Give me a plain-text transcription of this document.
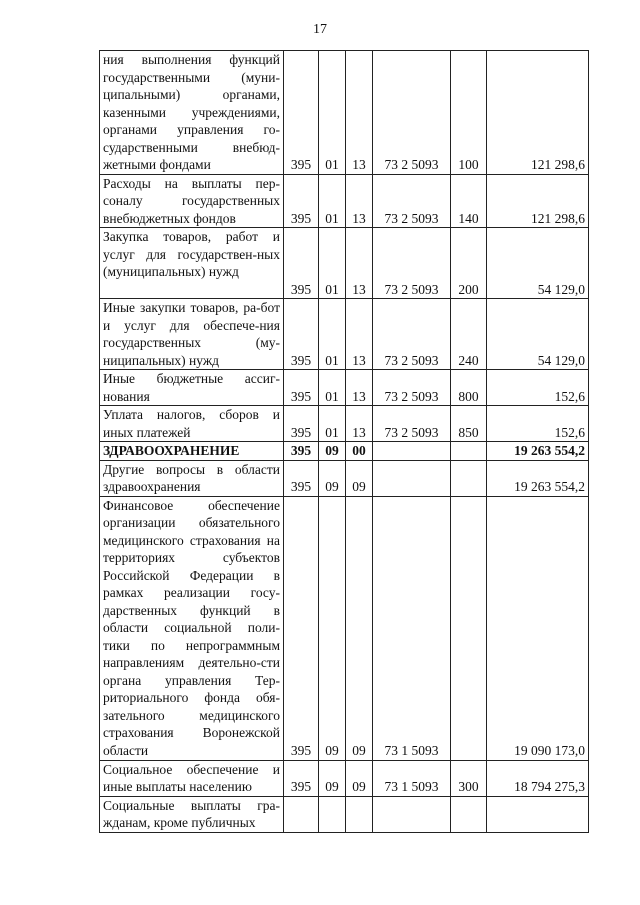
17
ния выполнения функций государственными (муни-ципальными) органами, казенными учреждениями, органами управления го-сударственными внебюд-жетными фондами	395	01	13	73 2 5093	100	121 298,6
Расходы на выплаты пер-соналу государственных внебюджетных фондов	395	01	13	73 2 5093	140	121 298,6
Закупка товаров, работ и услуг для государствен-ных (муниципальных) нужд	395	01	13	73 2 5093	200	54 129,0
Иные закупки товаров, ра-бот и услуг для обеспече-ния государственных (му-ниципальных) нужд	395	01	13	73 2 5093	240	54 129,0
Иные бюджетные ассиг-нования	395	01	13	73 2 5093	800	152,6
Уплата налогов, сборов и иных платежей	395	01	13	73 2 5093	850	152,6
ЗДРАВООХРАНЕНИЕ	395	09	00			19 263 554,2
Другие вопросы в области здравоохранения	395	09	09			19 263 554,2
Финансовое обеспечение организации обязательного медицинского страхования на территориях субъектов Российской Федерации в рамках реализации госу-дарственных функций в области социальной поли-тики по непрограммным направлениям деятельно-сти органа управления Тер-риториального фонда обя-зательного медицинского страхования Воронежской области	395	09	09	73 1 5093		19 090 173,0
Социальное обеспечение и иные выплаты населению	395	09	09	73 1 5093	300	18 794 275,3
Социальные выплаты гра-жданам, кроме публичных						
